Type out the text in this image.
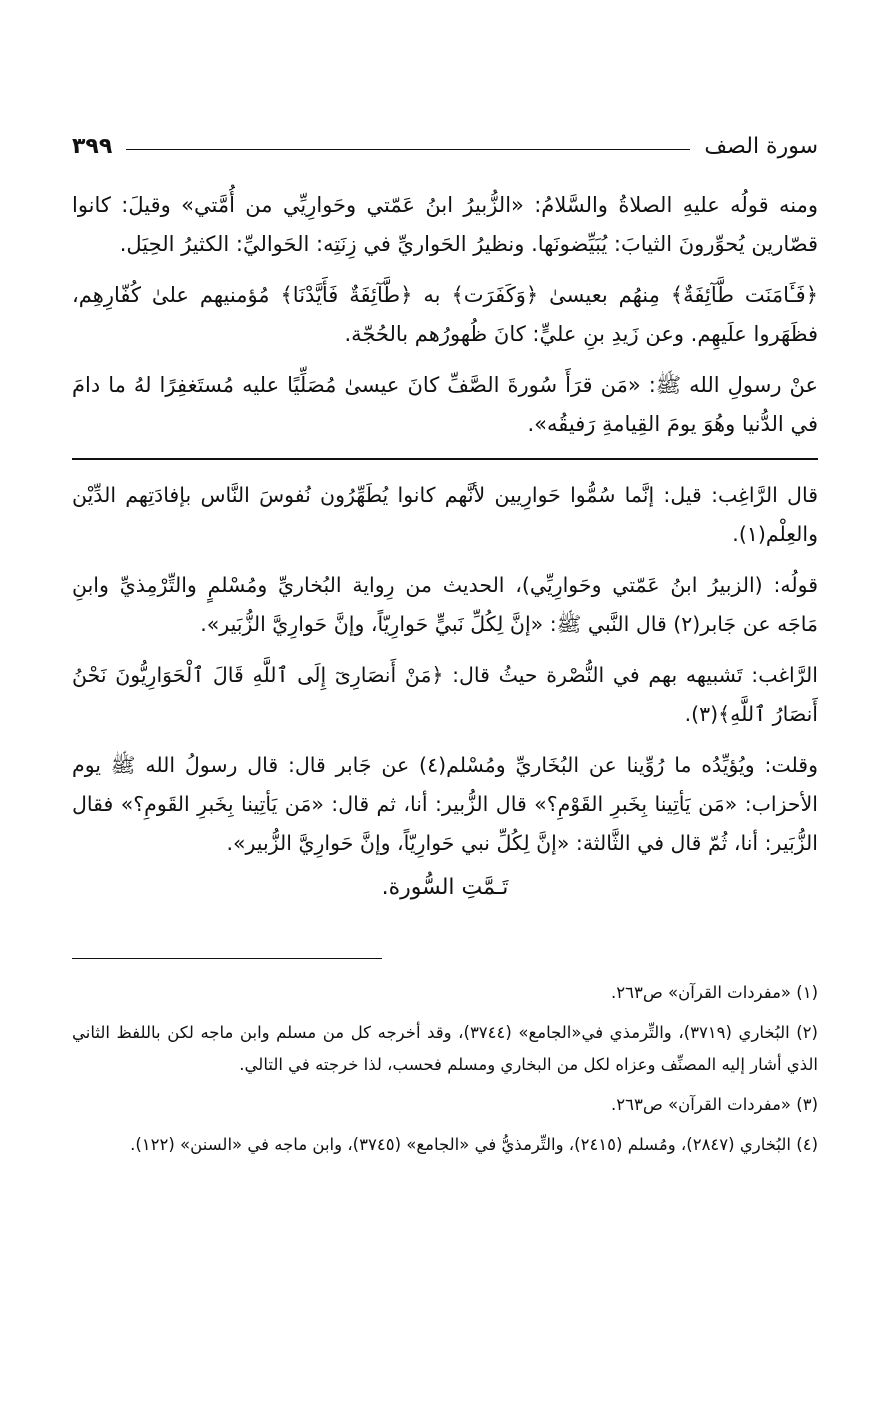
سورة الصف
٣٩٩

ومنه قولُه عليهِ الصلاةُ والسَّلامُ: «الزُّبيرُ ابنُ عَمّتي وحَوارِيِّي من أُمَّتي» وقيلَ: كانوا قصّارين يُحوِّرونَ الثيابَ: يُبَيِّضونَها. ونظيرُ الحَواريِّ في زِنَتِه: الحَواليِّ: الكثيرُ الحِيَل.

﴿فَـَٔامَنَت طَّآئِفَةٌ﴾ مِنهُم بعيسىٰ ﴿وَكَفَرَت﴾ به ﴿طَّآئِفَةٌ فَأَيَّدْنَا﴾ مُؤمنيهم علىٰ كُفّارِهِم، فظَهَروا علَيهِم. وعن زَيدِ بنِ عليٍّ: كانَ ظُهورُهم بالحُجّة.

عنْ رسولِ الله ﷺ: «مَن قرَأَ سُورةَ الصَّفِّ كانَ عيسىٰ مُصَلِّيًا عليه مُستَغفِرًا لهُ ما دامَ في الدُّنيا وهُوَ يومَ القِيامةِ رَفيقُه».

قال الرَّاغِب: قيل: إنَّما سُمُّوا حَوارِيين لأنَّهم كانوا يُطَهِّرُون نُفوسَ النَّاس بإفادَتِهم الدِّيْن والعِلْم(١).

قولُه: (الزبيرُ ابنُ عَمّتي وحَوارِيِّي)، الحديث من رِواية البُخاريِّ ومُسْلمٍ والتِّرْمِذيِّ وابنِ مَاجَه عن جَابر(٢) قال النَّبي ﷺ: «إنَّ لِكُلِّ نَبيٍّ حَوارِيّاً، وإنَّ حَوارِيَّ الزُّبَير».

الرَّاغب: تَشبيهه بهم في النُّصْرة حيثُ قال: ﴿مَنْ أَنصَارِىٓ إِلَى ٱللَّهِ قَالَ ٱلْحَوَارِيُّونَ نَحْنُ أَنصَارُ ٱللَّهِ﴾(٣).

وقلت: ويُؤيِّدُه ما رُوِّينا عن البُخَاريِّ ومُسْلم(٤) عن جَابر قال: قال رسولُ الله ﷺ يوم الأحزاب: «مَن يَأتِينا بِخَبرِ القَوْمِ؟» قال الزُّبير: أنا، ثم قال: «مَن يَأتِينا بِخَبرِ القَومِ؟» فقال الزُّبَير: أنا، ثُمّ قال في الثَّالثة: «إنَّ لِكُلِّ نبي حَوارِيّاً، وإنَّ حَوارِيَّ الزُّبير».

تَـمَّتِ السُّورة.

(١) «مفردات القرآن» ص٢٦٣.

(٢) البُخاري (٣٧١٩)، والتِّرمذي في«الجامع» (٣٧٤٤)، وقد أخرجه كل من مسلم وابن ماجه لكن باللفظ الثاني الذي أشار إليه المصنِّف وعزاه لكل من البخاري ومسلم فحسب، لذا خرجته في التالي.

(٣) «مفردات القرآن» ص٢٦٣.

(٤) البُخاري (٢٨٤٧)، ومُسلم (٢٤١٥)، والتِّرمذيُّ في «الجامع» (٣٧٤٥)، وابن ماجه في «السنن» (١٢٢).
